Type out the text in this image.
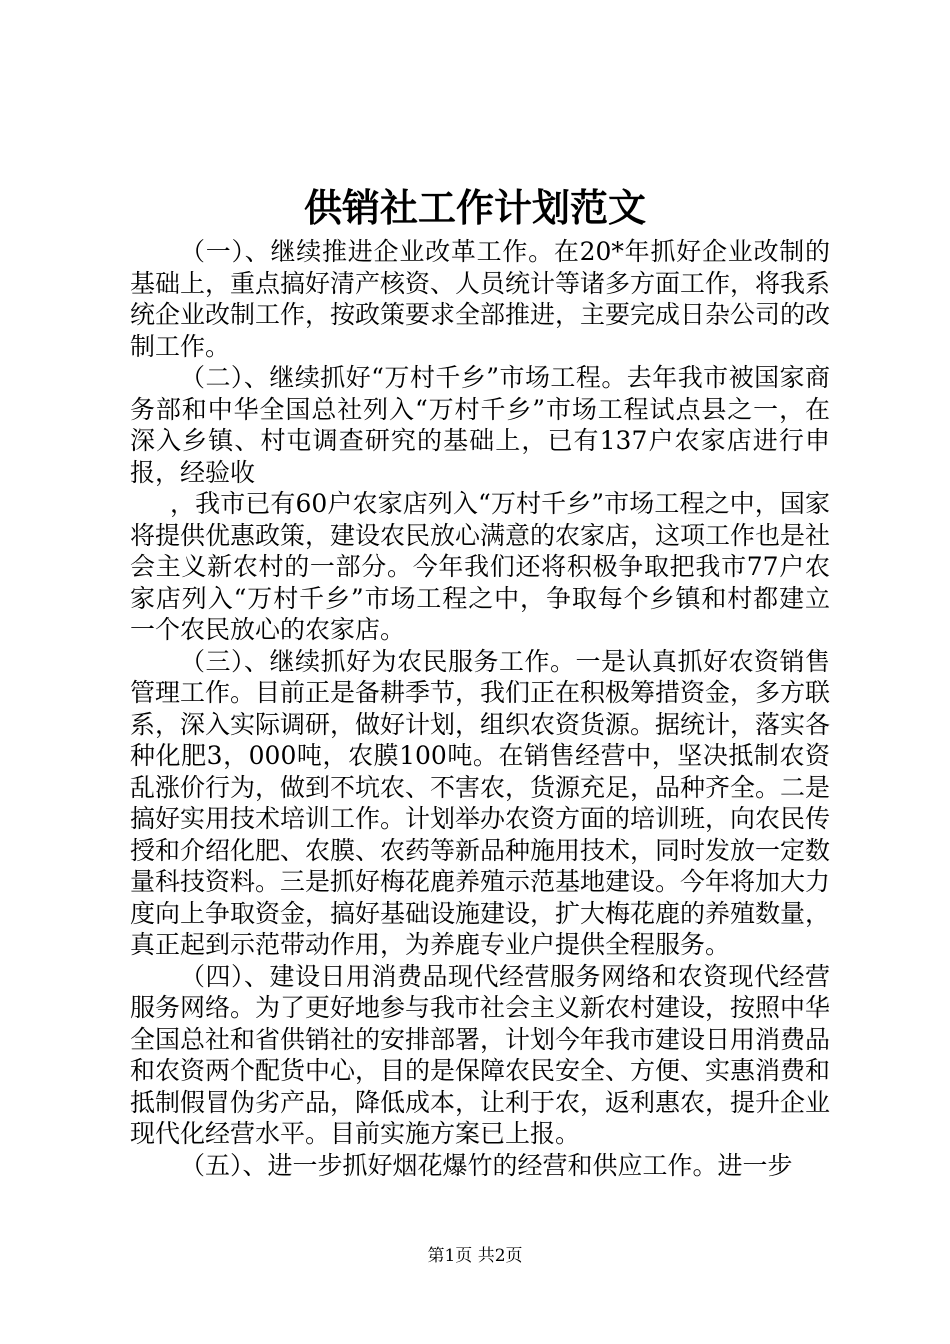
供销社工作计划范文

（一）、继续推进企业改革工作。在20*年抓好企业改制的基础上，重点搞好清产核资、人员统计等诸多方面工作，将我系统企业改制工作，按政策要求全部推进，主要完成日杂公司的改制工作。

（二）、继续抓好“万村千乡”市场工程。去年我市被国家商务部和中华全国总社列入“万村千乡”市场工程试点县之一，在深入乡镇、村屯调查研究的基础上，已有137户农家店进行申报，经验收

，我市已有60户农家店列入“万村千乡”市场工程之中，国家将提供优惠政策，建设农民放心满意的农家店，这项工作也是社会主义新农村的一部分。今年我们还将积极争取把我市77户农家店列入“万村千乡”市场工程之中，争取每个乡镇和村都建立一个农民放心的农家店。

（三）、继续抓好为农民服务工作。一是认真抓好农资销售管理工作。目前正是备耕季节，我们正在积极筹措资金，多方联系，深入实际调研，做好计划，组织农资货源。据统计，落实各种化肥3，000吨，农膜100吨。在销售经营中，坚决抵制农资乱涨价行为，做到不坑农、不害农，货源充足，品种齐全。二是搞好实用技术培训工作。计划举办农资方面的培训班，向农民传授和介绍化肥、农膜、农药等新品种施用技术，同时发放一定数量科技资料。三是抓好梅花鹿养殖示范基地建设。今年将加大力度向上争取资金，搞好基础设施建设，扩大梅花鹿的养殖数量，真正起到示范带动作用，为养鹿专业户提供全程服务。

（四）、建设日用消费品现代经营服务网络和农资现代经营服务网络。为了更好地参与我市社会主义新农村建设，按照中华全国总社和省供销社的安排部署，计划今年我市建设日用消费品和农资两个配货中心，目的是保障农民安全、方便、实惠消费和抵制假冒伪劣产品，降低成本，让利于农，返利惠农，提升企业现代化经营水平。目前实施方案已上报。

（五）、进一步抓好烟花爆竹的经营和供应工作。进一步

第1页 共2页
